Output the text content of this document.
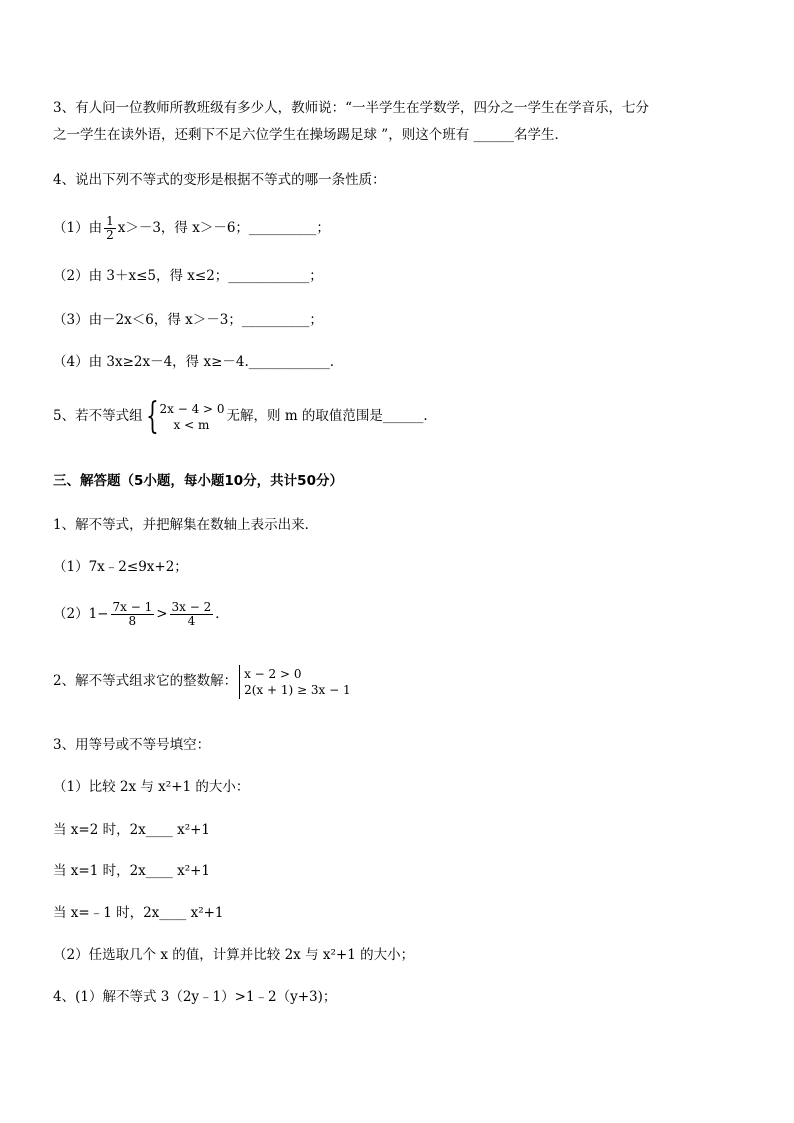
3、有人问一位教师所教班级有多少人，教师说：“一半学生在学数学，四分之一学生在学音乐，七分
之一学生在读外语，还剩下不足六位学生在操场踢足球 ”，则这个班有 ______名学生．
4、说出下列不等式的变形是根据不等式的哪一条性质：
（1）由 $\frac{1}{2} x>-3$，得 x＞－6；__________；
（2）由 3＋x≤5，得 x≤2；____________；
（3）由－2x＜6，得 x＞－3；__________；
（4）由 3x≥2x－4，得 x≥－4.____________.
5、若不等式组 { 2x − 4 > 0
x < m
无解，则 m 的取值范围是______.
三、解答题（5小题，每小题10分，共计50分）
1、解不等式，并把解集在数轴上表示出来．
（1）7x﹣2≤9x+2；
$(2)1- \frac{7x - 1}{8} > \frac{3x - 2}{4}$ ．
2、解不等式组求它的整数解： x − 2 > 0
2(x + 1) ≥ 3x − 1
3、用等号或不等号填空：
（1）比较 2x 与 x²+1 的大小：
当 x=2 时，2x____ x²+1
当 x=1 时，2x____ x²+1
当 x=﹣1 时，2x____ x²+1
（2）任选取几个 x 的值，计算并比较 2x 与 x²+1 的大小；
4、(1）解不等式 3（2y﹣1）>1﹣2（y+3)；
